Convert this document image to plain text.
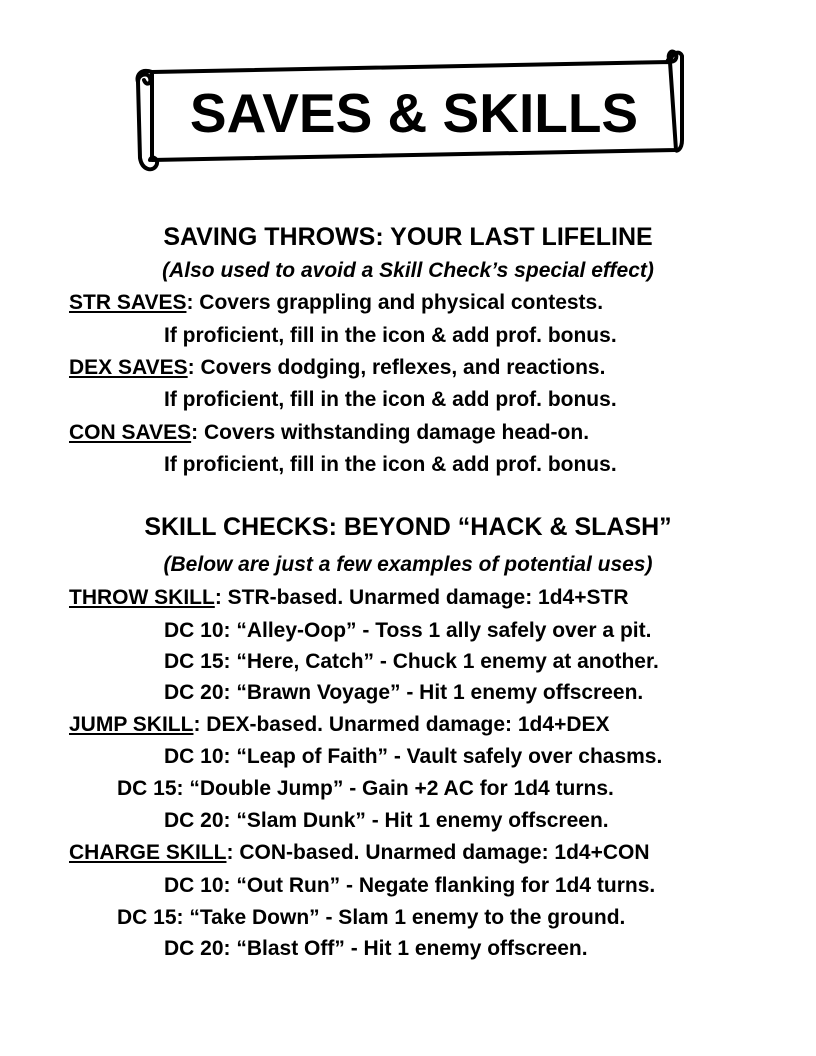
SAVES & SKILLS
SAVING THROWS: YOUR LAST LIFELINE
(Also used to avoid a Skill Check’s special effect)
STR SAVES: Covers grappling and physical contests.
If proficient, fill in the icon & add prof. bonus.
DEX SAVES: Covers dodging, reflexes, and reactions.
If proficient, fill in the icon & add prof. bonus.
CON SAVES: Covers withstanding damage head-on.
If proficient, fill in the icon & add prof. bonus.
SKILL CHECKS: BEYOND “HACK & SLASH”
(Below are just a few examples of potential uses)
THROW SKILL: STR-based. Unarmed damage: 1d4+STR
DC 10: “Alley-Oop” - Toss 1 ally safely over a pit.
DC 15: “Here, Catch” - Chuck 1 enemy at another.
DC 20: “Brawn Voyage” - Hit 1 enemy offscreen.
JUMP SKILL: DEX-based. Unarmed damage: 1d4+DEX
DC 10: “Leap of Faith” - Vault safely over chasms.
DC 15: “Double Jump” - Gain +2 AC for 1d4 turns.
DC 20: “Slam Dunk” - Hit 1 enemy offscreen.
CHARGE SKILL: CON-based. Unarmed damage: 1d4+CON
DC 10: “Out Run” - Negate flanking for 1d4 turns.
DC 15: “Take Down” - Slam 1 enemy to the ground.
DC 20: “Blast Off” - Hit 1 enemy offscreen.
